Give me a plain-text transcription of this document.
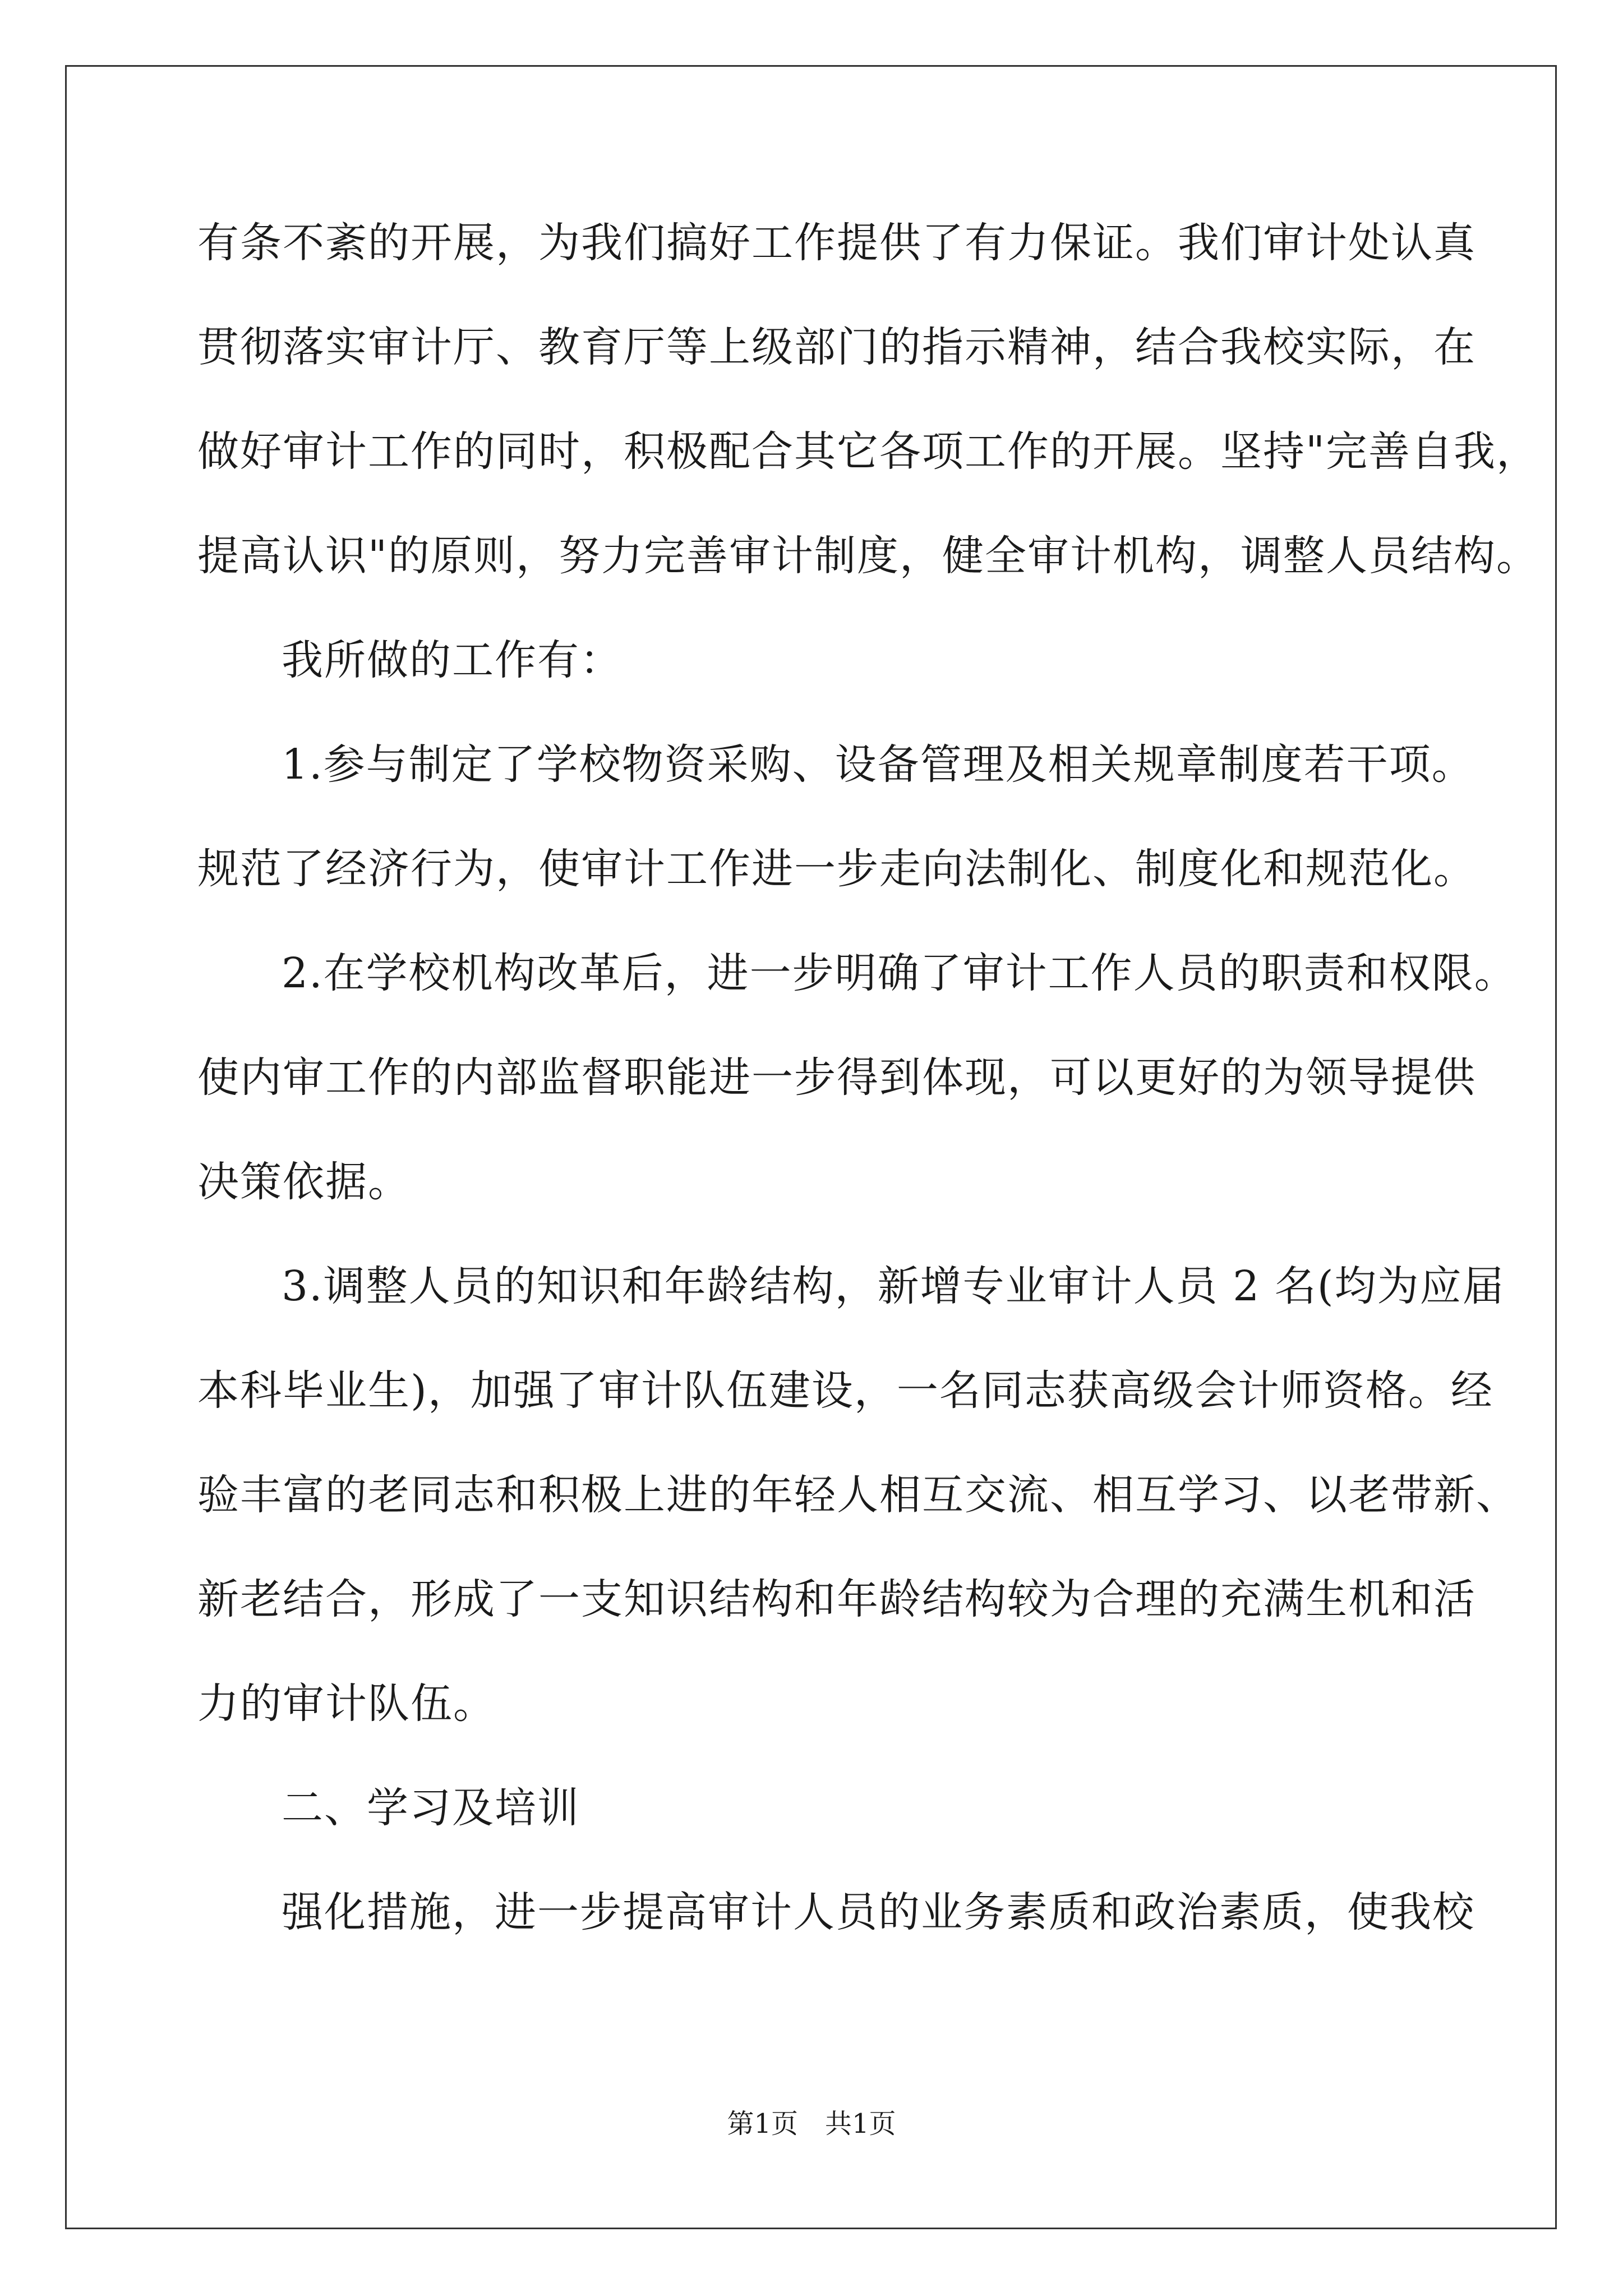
有条不紊的开展，为我们搞好工作提供了有力保证。我们审计处认真
贯彻落实审计厅、教育厅等上级部门的指示精神，结合我校实际，在
做好审计工作的同时，积极配合其它各项工作的开展。坚持"完善自我，
提高认识"的原则，努力完善审计制度，健全审计机构，调整人员结构。
我所做的工作有：
1.参与制定了学校物资采购、设备管理及相关规章制度若干项。
规范了经济行为，使审计工作进一步走向法制化、制度化和规范化。
2.在学校机构改革后，进一步明确了审计工作人员的职责和权限。
使内审工作的内部监督职能进一步得到体现，可以更好的为领导提供
决策依据。
3.调整人员的知识和年龄结构，新增专业审计人员 2 名(均为应届
本科毕业生)，加强了审计队伍建设，一名同志获高级会计师资格。经
验丰富的老同志和积极上进的年轻人相互交流、相互学习、以老带新、
新老结合，形成了一支知识结构和年龄结构较为合理的充满生机和活
力的审计队伍。
二、学习及培训
强化措施，进一步提高审计人员的业务素质和政治素质，使我校
第1页 共1页
